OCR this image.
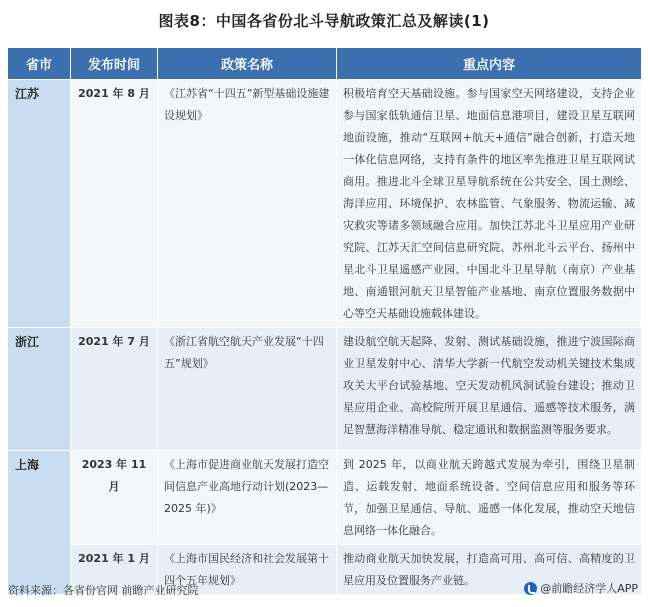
图表8：中国各省份北斗导航政策汇总及解读(1)
省市	发布时间	政策名称	重点内容
江苏	2021 年 8 月	《江苏省“十四五”新型基础设施建设规划》	积极培育空天基础设施。参与国家空天网络建设，支持企业参与国家低轨通信卫星、地面信息港项目，建设卫星互联网地面设施，推动“互联网+航天+通信”融合创新，打造天地一体化信息网络，支持有条件的地区率先推进卫星互联网试商用。推进北斗全球卫星导航系统在公共安全、国土测绘、海洋应用、环境保护、农林监管、气象服务、物流运输、减灾救灾等诸多领域融合应用。加快江苏北斗卫星应用产业研究院、江苏天汇空间信息研究院、苏州北斗云平台、扬州中星北斗卫星遥感产业园、中国北斗卫星导航（南京）产业基地、南通银河航天卫星智能产业基地、南京位置服务数据中心等空天基础设施载体建设。
浙江	2021 年 7 月	《浙江省航空航天产业发展“十四五”规划》	建设航空航天起降、发射、测试基础设施，推进宁波国际商业卫星发射中心、清华大学新一代航空发动机关键技术集成攻关大平台试验基地、空天发动机风洞试验台建设；推动卫星应用企业、高校院所开展卫星通信、遥感等技术服务，满足智慧海洋精准导航、稳定通讯和数据监测等服务要求。
上海	2023 年 11 月	《上海市促进商业航天发展打造空间信息产业高地行动计划(2023—2025 年)》	到 2025 年，以商业航天跨越式发展为牵引，围绕卫星制造、运载发射、地面系统设备、空间信息应用和服务等环节，加强卫星通信、导航、遥感一体化发展，推动空天地信息网络一体化融合。
	2021 年 1 月	《上海市国民经济和社会发展第十四个五年规划》	推动商业航天加快发展，打造高可用、高可信、高精度的卫星应用及位置服务产业链。
资料来源：各省份官网 前瞻产业研究院	@前瞻经济学人APP
